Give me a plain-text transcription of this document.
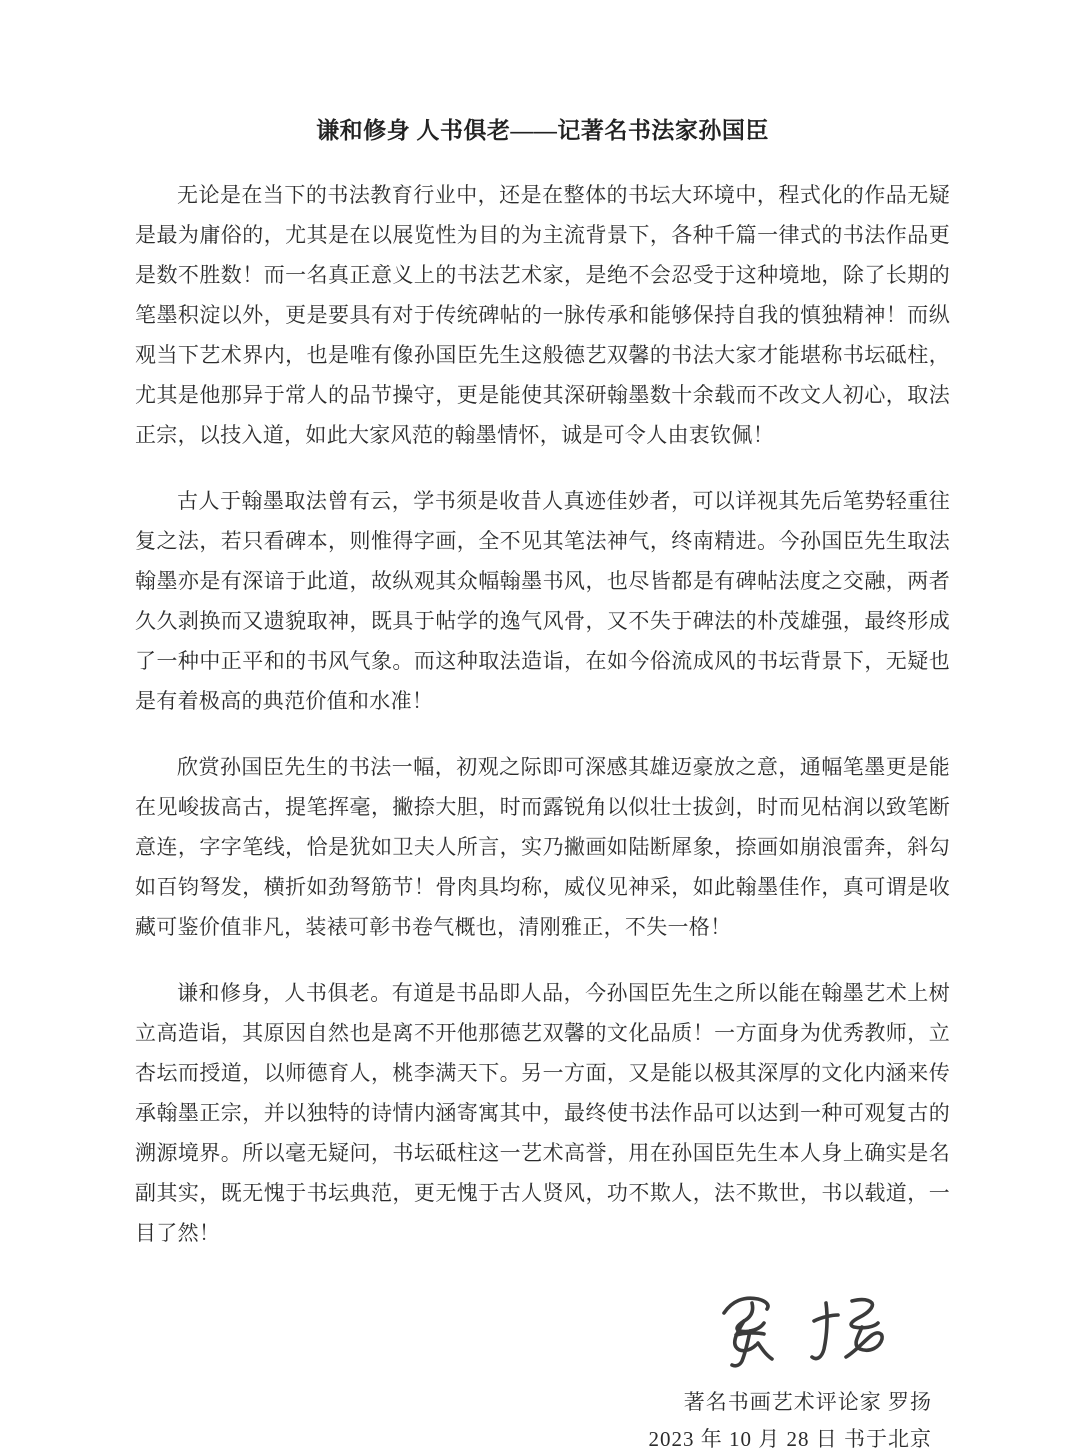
谦和修身 人书俱老——记著名书法家孙国臣

无论是在当下的书法教育行业中，还是在整体的书坛大环境中，程式化的作品无疑是最为庸俗的，尤其是在以展览性为目的为主流背景下，各种千篇一律式的书法作品更是数不胜数！而一名真正意义上的书法艺术家，是绝不会忍受于这种境地，除了长期的笔墨积淀以外，更是要具有对于传统碑帖的一脉传承和能够保持自我的慎独精神！而纵观当下艺术界内，也是唯有像孙国臣先生这般德艺双馨的书法大家才能堪称书坛砥柱，尤其是他那异于常人的品节操守，更是能使其深研翰墨数十余载而不改文人初心，取法正宗，以技入道，如此大家风范的翰墨情怀，诚是可令人由衷钦佩！

古人于翰墨取法曾有云，学书须是收昔人真迹佳妙者，可以详视其先后笔势轻重往复之法，若只看碑本，则惟得字画，全不见其笔法神气，终南精进。今孙国臣先生取法翰墨亦是有深谙于此道，故纵观其众幅翰墨书风，也尽皆都是有碑帖法度之交融，两者久久剥换而又遗貌取神，既具于帖学的逸气风骨，又不失于碑法的朴茂雄强，最终形成了一种中正平和的书风气象。而这种取法造诣，在如今俗流成风的书坛背景下，无疑也是有着极高的典范价值和水准！

欣赏孙国臣先生的书法一幅，初观之际即可深感其雄迈豪放之意，通幅笔墨更是能在见峻拔高古，提笔挥毫，撇捺大胆，时而露锐角以似壮士拔剑，时而见枯润以致笔断意连，字字笔线，恰是犹如卫夫人所言，实乃撇画如陆断犀象，捺画如崩浪雷奔，斜勾如百钧弩发，横折如劲弩筋节！骨肉具均称，威仪见神采，如此翰墨佳作，真可谓是收藏可鉴价值非凡，装裱可彰书卷气概也，清刚雅正，不失一格！

谦和修身，人书俱老。有道是书品即人品，今孙国臣先生之所以能在翰墨艺术上树立高造诣，其原因自然也是离不开他那德艺双馨的文化品质！一方面身为优秀教师，立杏坛而授道，以师德育人，桃李满天下。另一方面，又是能以极其深厚的文化内涵来传承翰墨正宗，并以独特的诗情内涵寄寓其中，最终使书法作品可以达到一种可观复古的溯源境界。所以毫无疑问，书坛砥柱这一艺术高誉，用在孙国臣先生本人身上确实是名副其实，既无愧于书坛典范，更无愧于古人贤风，功不欺人，法不欺世，书以载道，一目了然！

著名书画艺术评论家 罗扬
2023 年 10 月 28 日 书于北京
